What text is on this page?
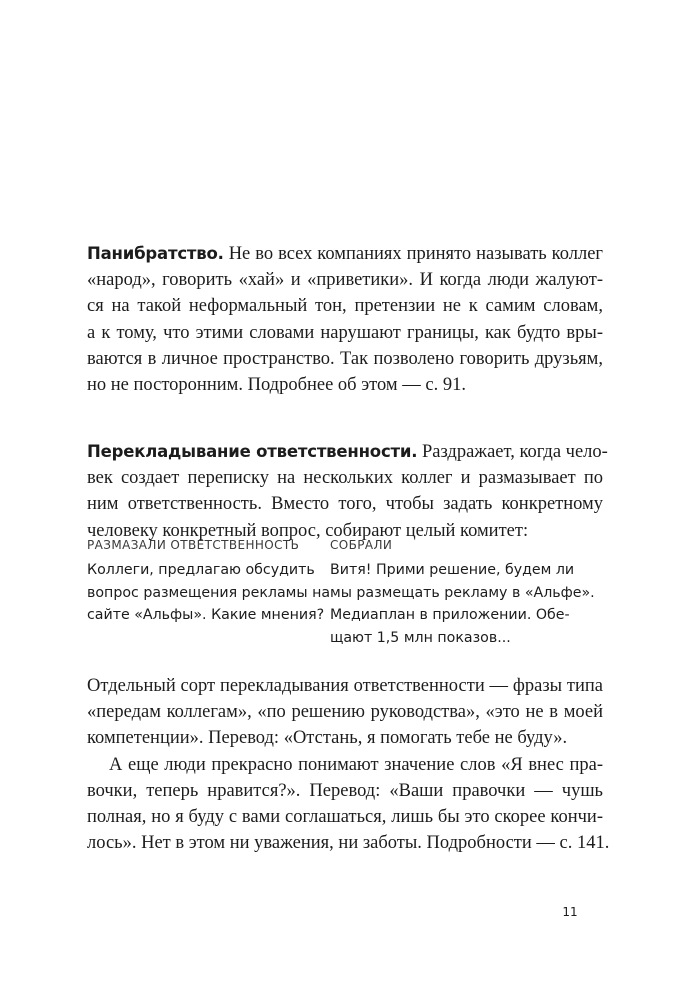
Панибратство. Не во всех компаниях принято называть коллег
«народ», говорить «хай» и «приветики». И когда люди жалуют-
ся на такой неформальный тон, претензии не к самим словам,
а к тому, что этими словами нарушают границы, как будто вры-
ваются в личное пространство. Так позволено говорить друзьям,
но не посторонним. Подробнее об этом — с. 91.
Перекладывание ответственности. Раздражает, когда чело-
век создает переписку на нескольких коллег и размазывает по
ним ответственность. Вместо того, чтобы задать конкретному
человеку конкретный вопрос, собирают целый комитет:
РАЗМАЗАЛИ ОТВЕТСТВЕННОСТЬ
Коллеги, предлагаю обсудить
вопрос размещения рекламы на
сайте «Альфы». Какие мнения?
СОБРАЛИ
Витя! Прими решение, будем ли
мы размещать рекламу в «Альфе».
Медиаплан в приложении. Обе-
щают 1,5 млн показов...
Отдельный сорт перекладывания ответственности — фразы типа
«передам коллегам», «по решению руководства», «это не в моей
компетенции». Перевод: «Отстань, я помогать тебе не буду».
А еще люди прекрасно понимают значение слов «Я внес пра-
вочки, теперь нравится?». Перевод: «Ваши правочки — чушь
полная, но я буду с вами соглашаться, лишь бы это скорее кончи-
лось». Нет в этом ни уважения, ни заботы. Подробности — с. 141.
11
